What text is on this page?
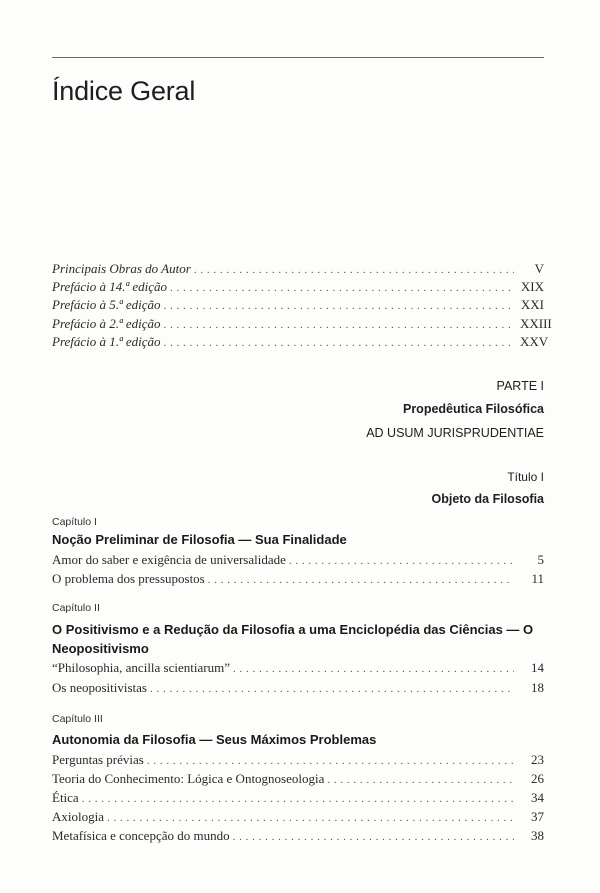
Índice Geral
Principais Obras do Autor . . .	V
Prefácio à 14.ª edição . . .	XIX
Prefácio à 5.ª edição . . .	XXI
Prefácio à 2.ª edição . . .	XXIII
Prefácio à 1.ª edição . . .	XXV
PARTE I
Propedêutica Filosófica
AD USUM JURISPRUDENTIAE
Título I
Objeto da Filosofia
Capítulo I
Noção Preliminar de Filosofia — Sua Finalidade
Amor do saber e exigência de universalidade . . .	5
O problema dos pressupostos . . .	11
Capítulo II
O Positivismo e a Redução da Filosofia a uma Enciclopédia das Ciências — O Neopositivismo
“Philosophia, ancilla scientiarum” . . .	14
Os neopositivistas . . .	18
Capítulo III
Autonomia da Filosofia — Seus Máximos Problemas
Perguntas prévias . . .	23
Teoria do Conhecimento: Lógica e Ontognoseologia . . .	26
Ética . . .	34
Axiologia . . .	37
Metafísica e concepção do mundo . . .	38
